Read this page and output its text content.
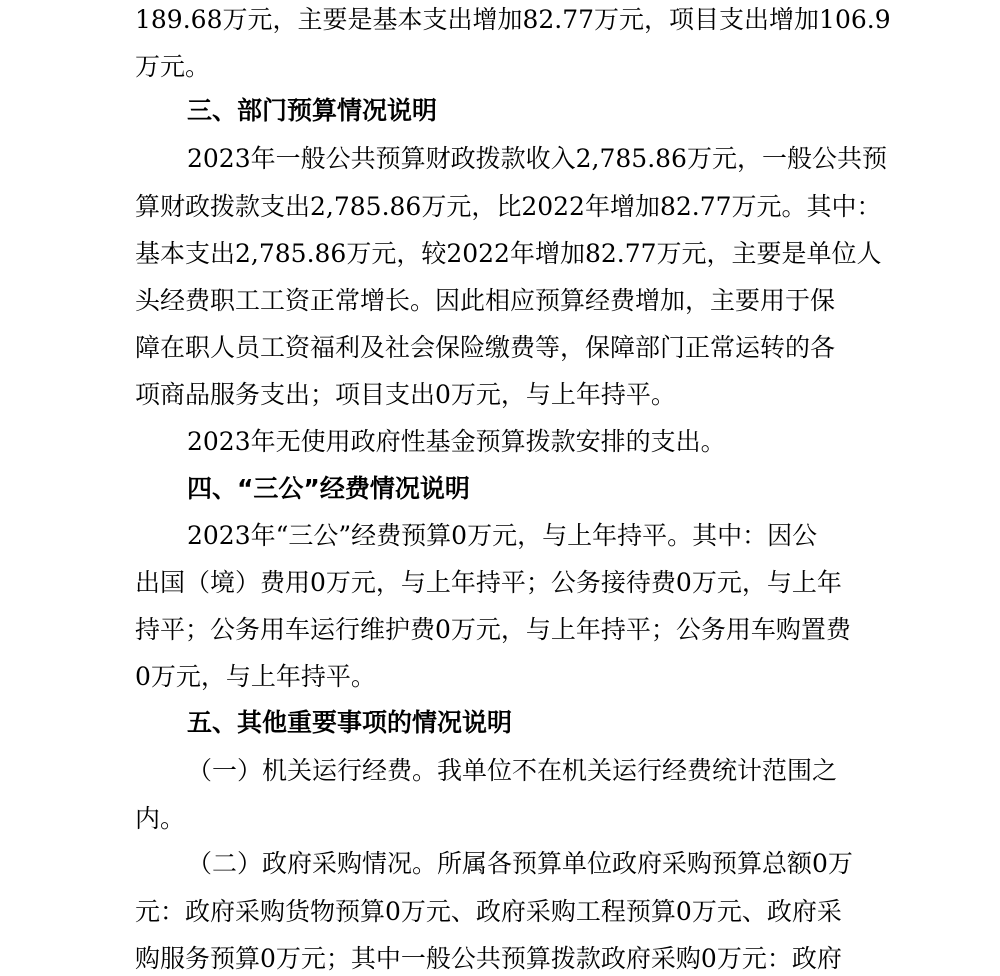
189.68万元，主要是基本支出增加82.77万元，项目支出增加106.9
万元。
三、部门预算情况说明
2023年一般公共预算财政拨款收入2,785.86万元，一般公共预
算财政拨款支出2,785.86万元，比2022年增加82.77万元。其中：
基本支出2,785.86万元，较2022年增加82.77万元，主要是单位人
头经费职工工资正常增长。因此相应预算经费增加，主要用于保
障在职人员工资福利及社会保险缴费等，保障部门正常运转的各
项商品服务支出；项目支出0万元，与上年持平。
2023年无使用政府性基金预算拨款安排的支出。
四、“三公”经费情况说明
2023年“三公”经费预算0万元，与上年持平。其中：因公
出国（境）费用0万元，与上年持平；公务接待费0万元，与上年
持平；公务用车运行维护费0万元，与上年持平；公务用车购置费
0万元，与上年持平。
五、其他重要事项的情况说明
（一）机关运行经费。我单位不在机关运行经费统计范围之
内。
（二）政府采购情况。所属各预算单位政府采购预算总额0万
元：政府采购货物预算0万元、政府采购工程预算0万元、政府采
购服务预算0万元；其中一般公共预算拨款政府采购0万元：政府
